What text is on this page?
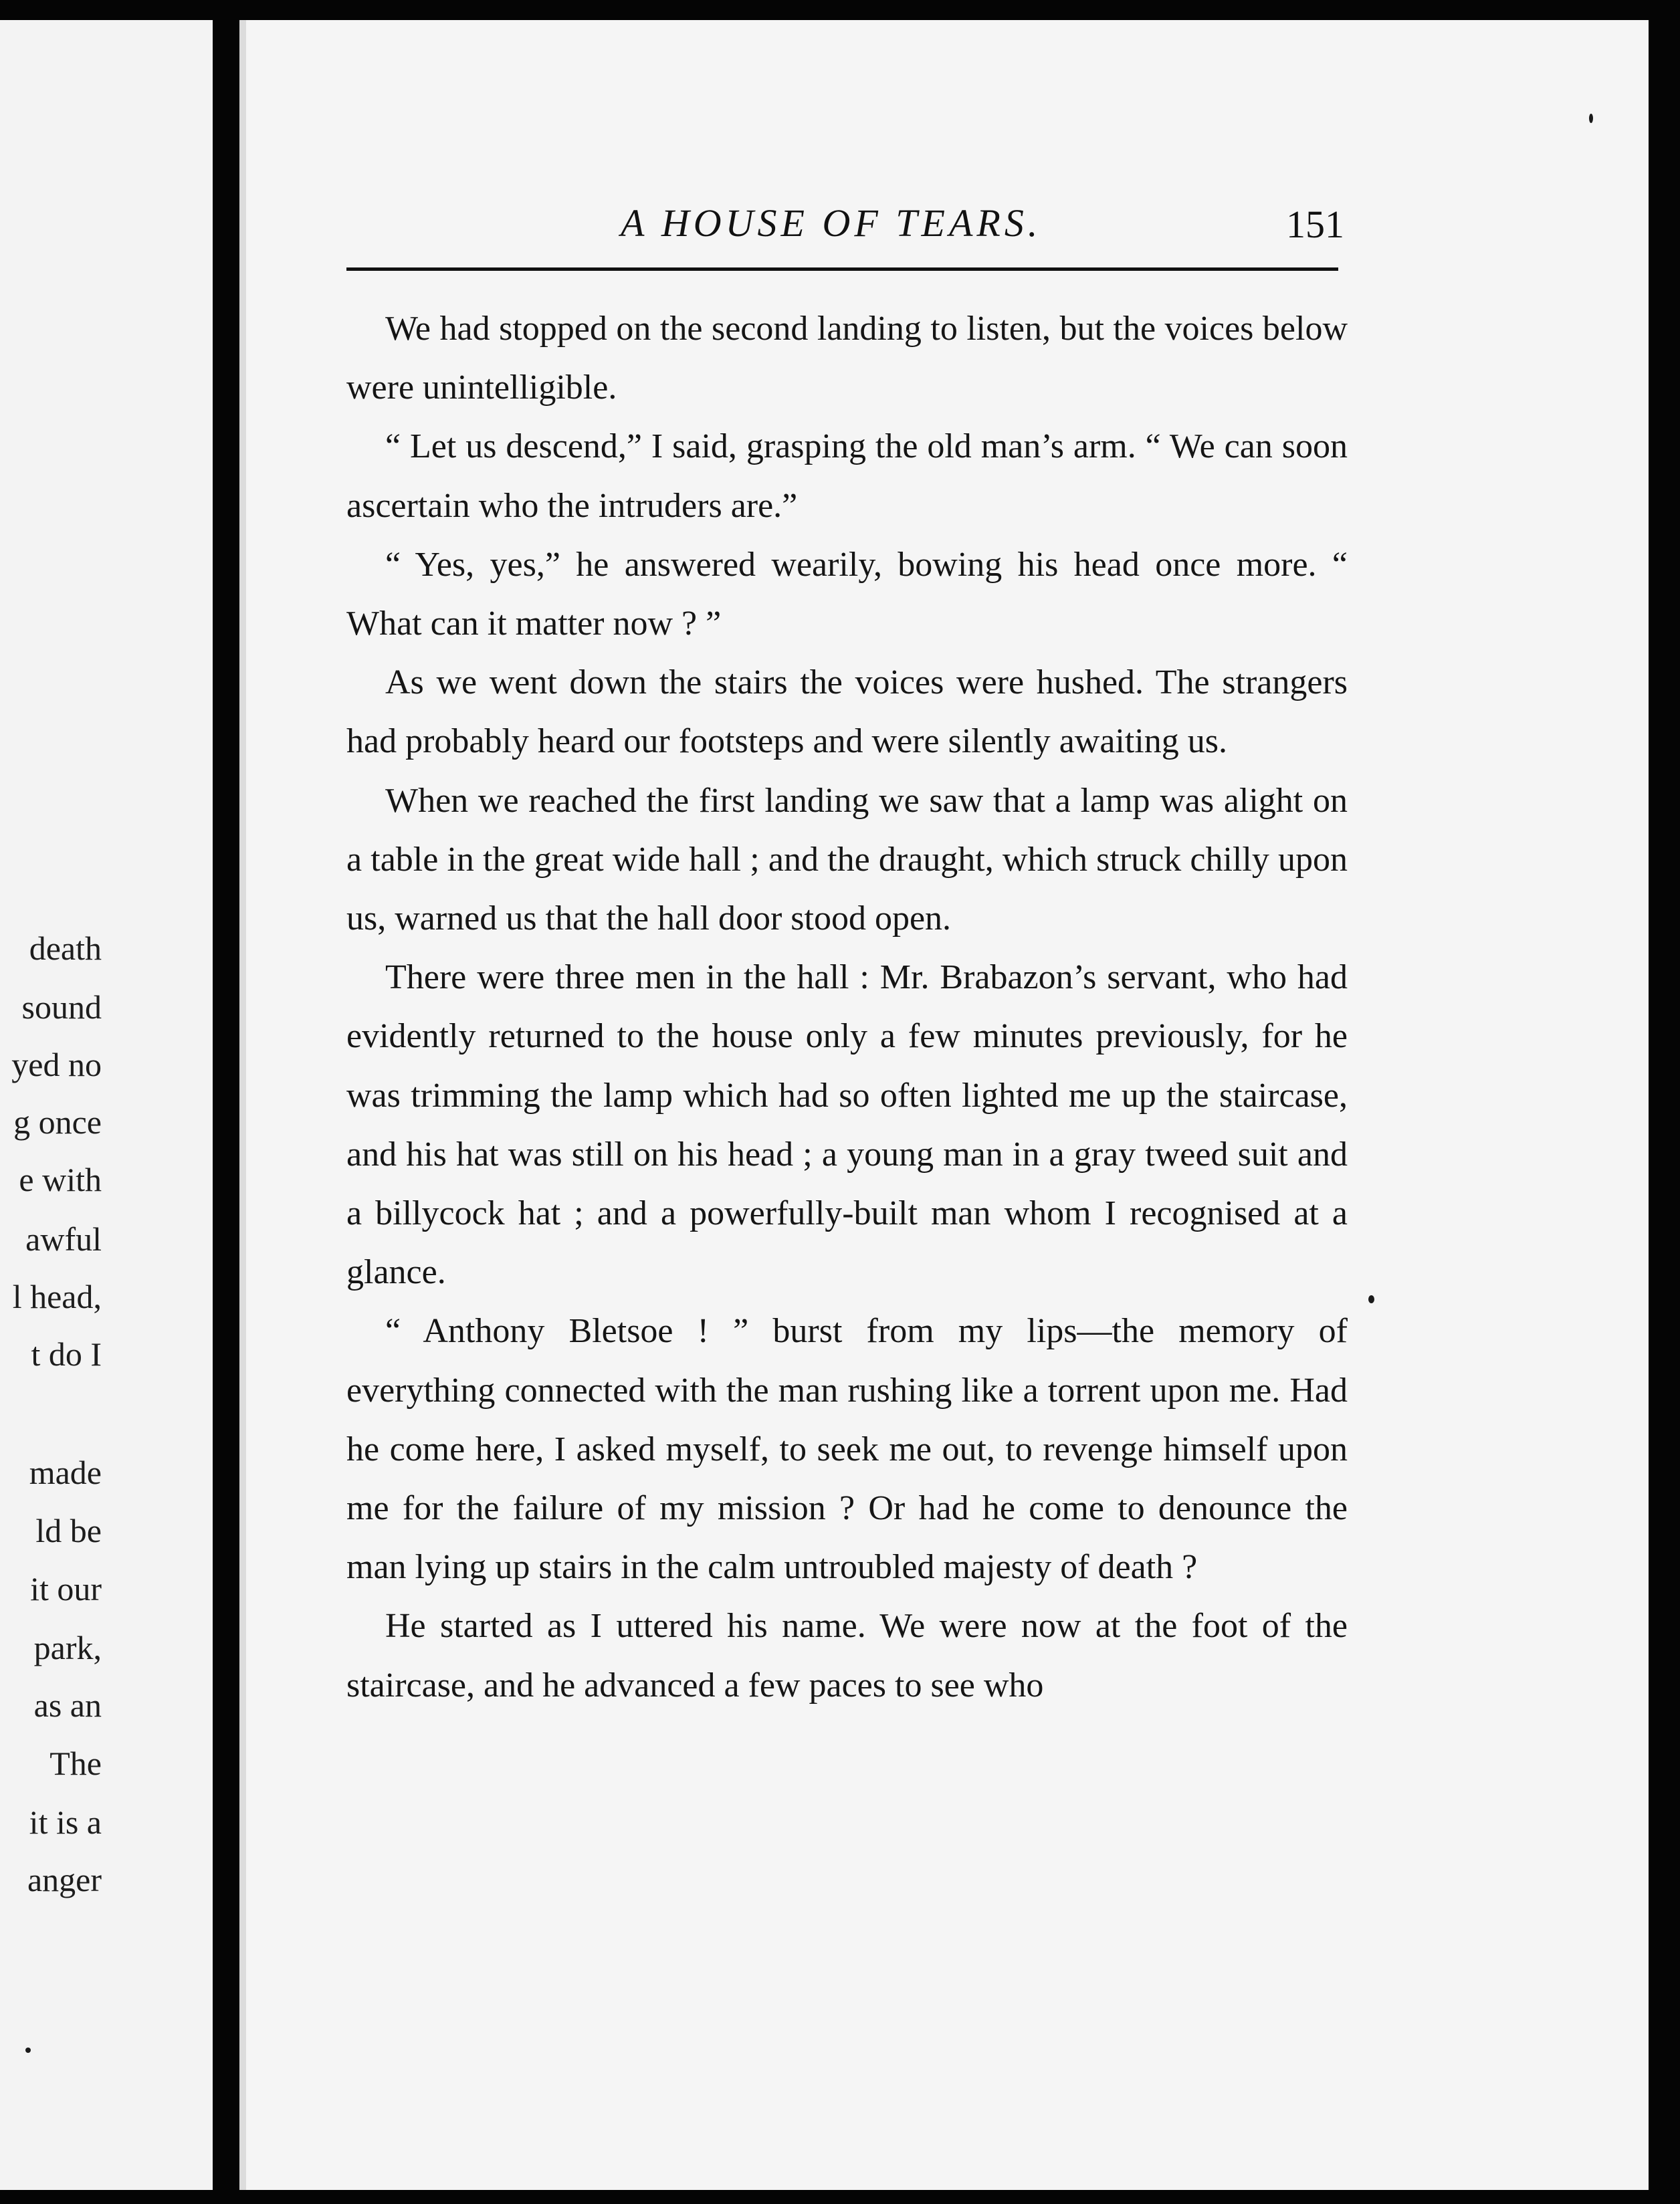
death
sound
yed no
g once
e with
awful
l head,
t do I
made
ld be
it our
park,
as an
The
it is a
anger
A HOUSE OF TEARS.	151

We had stopped on the second landing to listen, but the voices below were unintelligible.

“ Let us descend,” I said, grasping the old man’s arm. “ We can soon ascertain who the intruders are.”

“ Yes, yes,” he answered wearily, bowing his head once more. “ What can it matter now ? ”

As we went down the stairs the voices were hushed. The strangers had probably heard our footsteps and were silently awaiting us.

When we reached the first landing we saw that a lamp was alight on a table in the great wide hall ; and the draught, which struck chilly upon us, warned us that the hall door stood open.

There were three men in the hall : Mr. Brabazon’s servant, who had evidently returned to the house only a few minutes previously, for he was trimming the lamp which had so often lighted me up the staircase, and his hat was still on his head ; a young man in a gray tweed suit and a billycock hat ; and a powerfully-built man whom I recognised at a glance.

“ Anthony Bletsoe ! ” burst from my lips—the memory of everything connected with the man rushing like a torrent upon me. Had he come here, I asked myself, to seek me out, to revenge himself upon me for the failure of my mission ? Or had he come to denounce the man lying up stairs in the calm untroubled majesty of death ?

He started as I uttered his name. We were now at the foot of the staircase, and he advanced a few paces to see who
